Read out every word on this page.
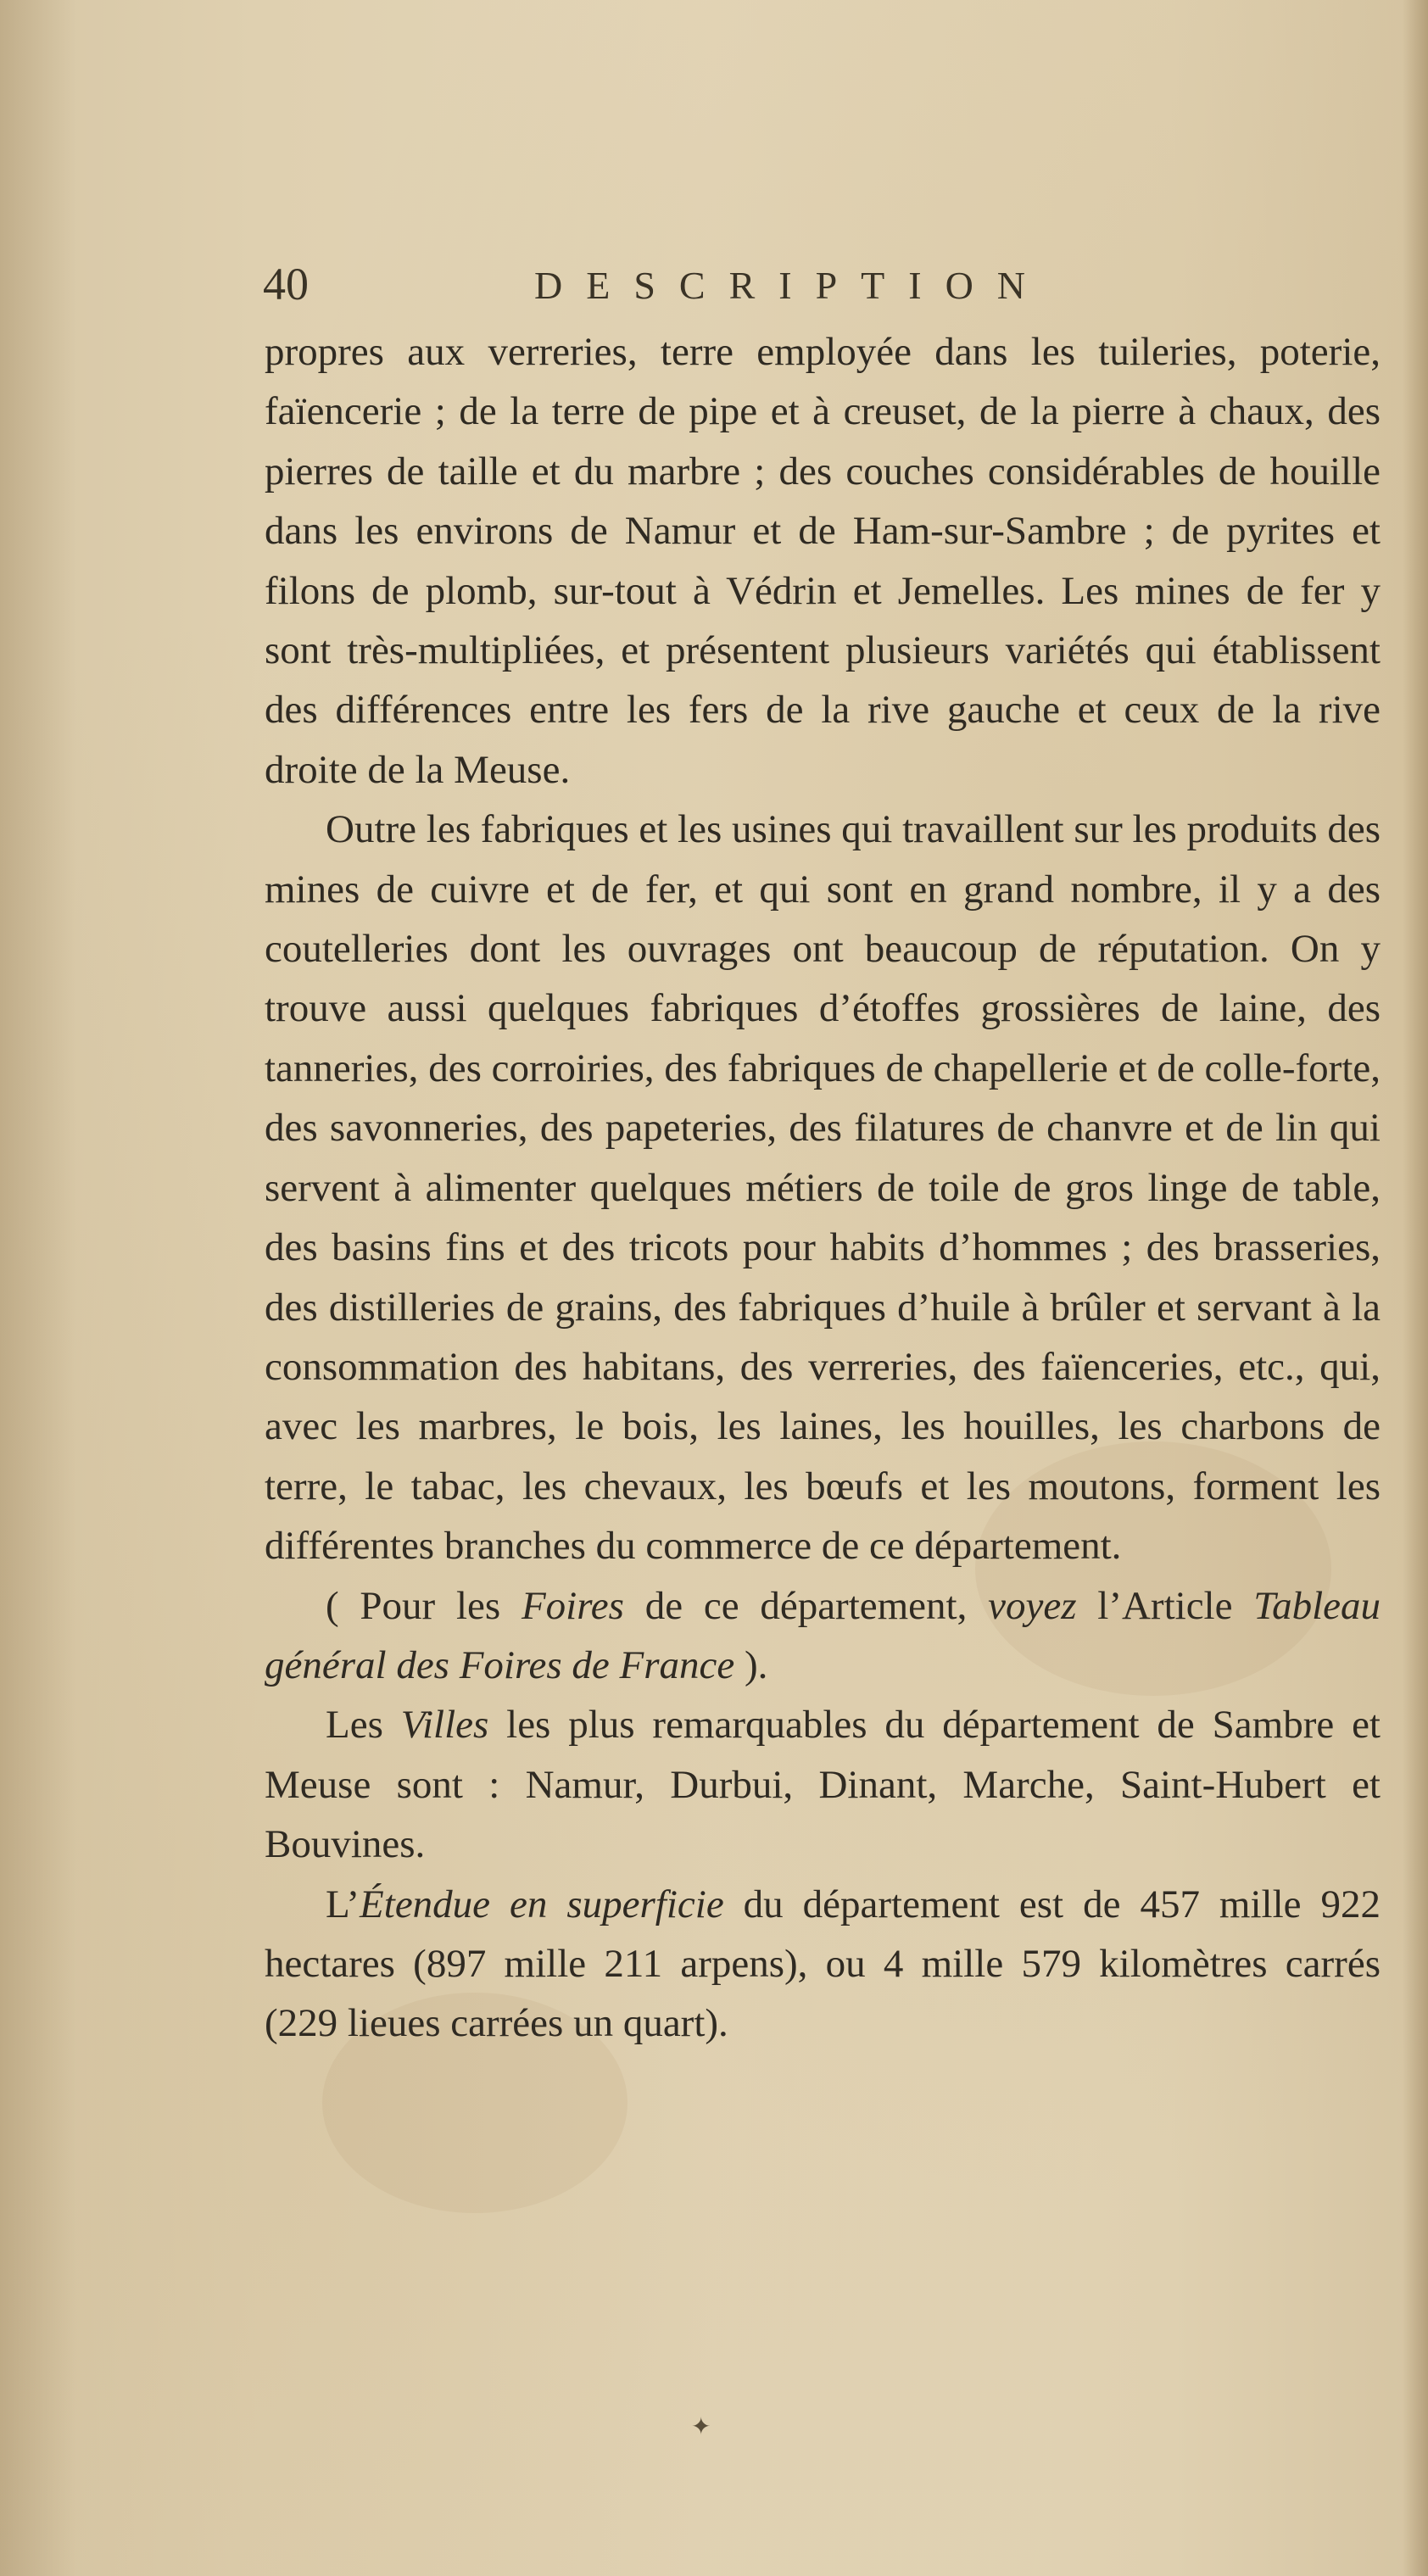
40	DESCRIPTION

propres aux verreries, terre employée dans les tuileries, poterie, faïencerie ; de la terre de pipe et à creuset, de la pierre à chaux, des pierres de taille et du marbre ; des couches considérables de houille dans les environs de Namur et de Ham-sur-Sambre ; de pyrites et filons de plomb, sur-tout à Védrin et Jemelles. Les mines de fer y sont très-multipliées, et présentent plusieurs variétés qui établissent des différences entre les fers de la rive gauche et ceux de la rive droite de la Meuse.

Outre les fabriques et les usines qui travaillent sur les produits des mines de cuivre et de fer, et qui sont en grand nombre, il y a des coutelleries dont les ouvrages ont beaucoup de réputation. On y trouve aussi quelques fabriques d’étoffes grossières de laine, des tanneries, des corroiries, des fabriques de chapellerie et de colle-forte, des savonneries, des papeteries, des filatures de chanvre et de lin qui servent à alimenter quelques métiers de toile de gros linge de table, des basins fins et des tricots pour habits d’hommes ; des brasseries, des distilleries de grains, des fabriques d’huile à brûler et servant à la consommation des habitans, des verreries, des faïenceries, etc., qui, avec les marbres, le bois, les laines, les houilles, les charbons de terre, le tabac, les chevaux, les bœufs et les moutons, forment les différentes branches du commerce de ce département.

( Pour les Foires de ce département, voyez l’Article Tableau général des Foires de France ).

Les Villes les plus remarquables du département de Sambre et Meuse sont : Namur, Durbui, Dinant, Marche, Saint-Hubert et Bouvines.

L’Étendue en superficie du département est de 457 mille 922 hectares (897 mille 211 arpens), ou 4 mille 579 kilomètres carrés (229 lieues carrées un quart).

✦
